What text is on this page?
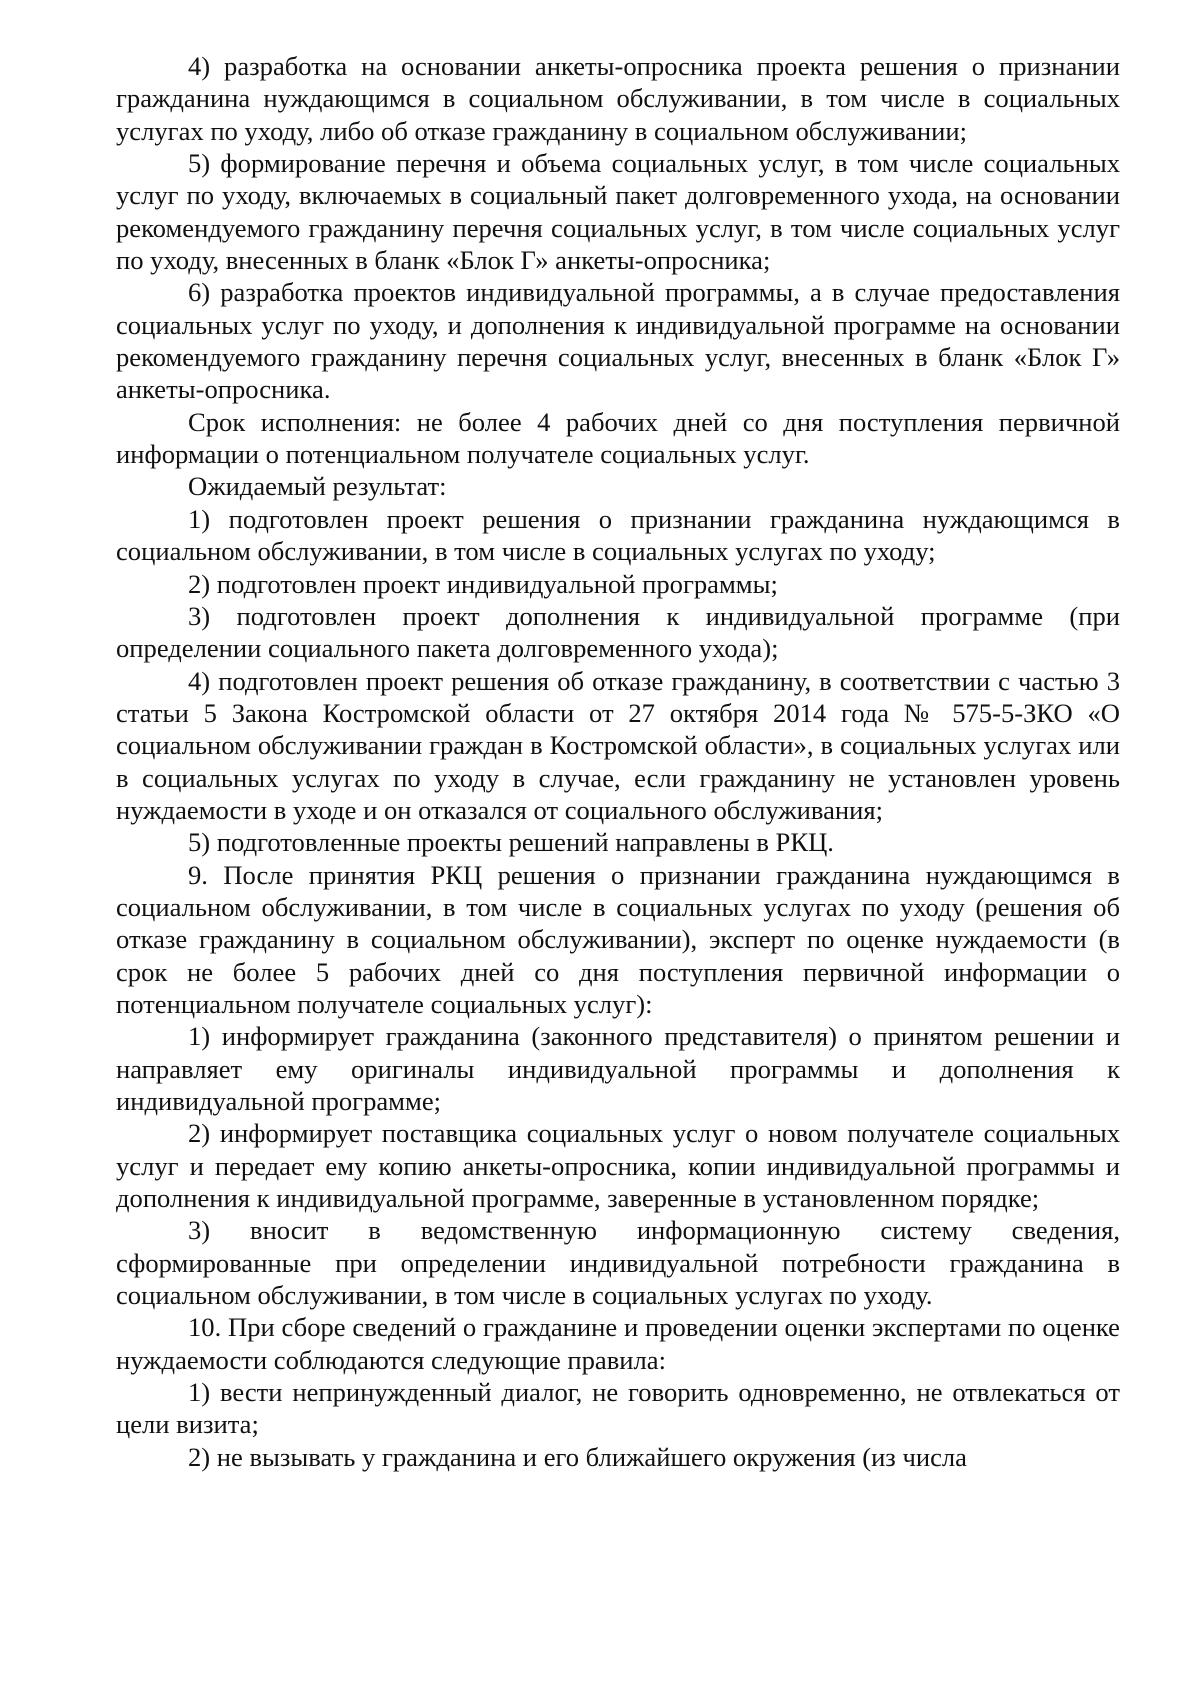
4) разработка на основании анкеты-опросника проекта решения о признании гражданина нуждающимся в социальном обслуживании, в том числе в социальных услугах по уходу, либо об отказе гражданину в социальном обслуживании;

5) формирование перечня и объема социальных услуг, в том числе социальных услуг по уходу, включаемых в социальный пакет долговременного ухода, на основании рекомендуемого гражданину перечня социальных услуг, в том числе социальных услуг по уходу, внесенных в бланк «Блок Г» анкеты-опросника;

6) разработка проектов индивидуальной программы, а в случае предоставления социальных услуг по уходу, и дополнения к индивидуальной программе на основании рекомендуемого гражданину перечня социальных услуг, внесенных в бланк «Блок Г» анкеты-опросника.

Срок исполнения: не более 4 рабочих дней со дня поступления первичной информации о потенциальном получателе социальных услуг.

Ожидаемый результат:

1) подготовлен проект решения о признании гражданина нуждающимся в социальном обслуживании, в том числе в социальных услугах по уходу;

2) подготовлен проект индивидуальной программы;

3) подготовлен проект дополнения к индивидуальной программе (при определении социального пакета долговременного ухода);

4) подготовлен проект решения об отказе гражданину, в соответствии с частью 3 статьи 5 Закона Костромской области от 27 октября 2014 года № 575-5-ЗКО «О социальном обслуживании граждан в Костромской области», в социальных услугах или в социальных услугах по уходу в случае, если гражданину не установлен уровень нуждаемости в уходе и он отказался от социального обслуживания;

5) подготовленные проекты решений направлены в РКЦ.

9. После принятия РКЦ решения о признании гражданина нуждающимся в социальном обслуживании, в том числе в социальных услугах по уходу (решения об отказе гражданину в социальном обслуживании), эксперт по оценке нуждаемости (в срок не более 5 рабочих дней со дня поступления первичной информации о потенциальном получателе социальных услуг):

1) информирует гражданина (законного представителя) о принятом решении и направляет ему оригиналы индивидуальной программы и дополнения к индивидуальной программе;

2) информирует поставщика социальных услуг о новом получателе социальных услуг и передает ему копию анкеты-опросника, копии индивидуальной программы и дополнения к индивидуальной программе, заверенные в установленном порядке;

3) вносит в ведомственную информационную систему сведения, сформированные при определении индивидуальной потребности гражданина в социальном обслуживании, в том числе в социальных услугах по уходу.

10. При сборе сведений о гражданине и проведении оценки экспертами по оценке нуждаемости соблюдаются следующие правила:

1) вести непринужденный диалог, не говорить одновременно, не отвлекаться от цели визита;

2) не вызывать у гражданина и его ближайшего окружения (из числа
